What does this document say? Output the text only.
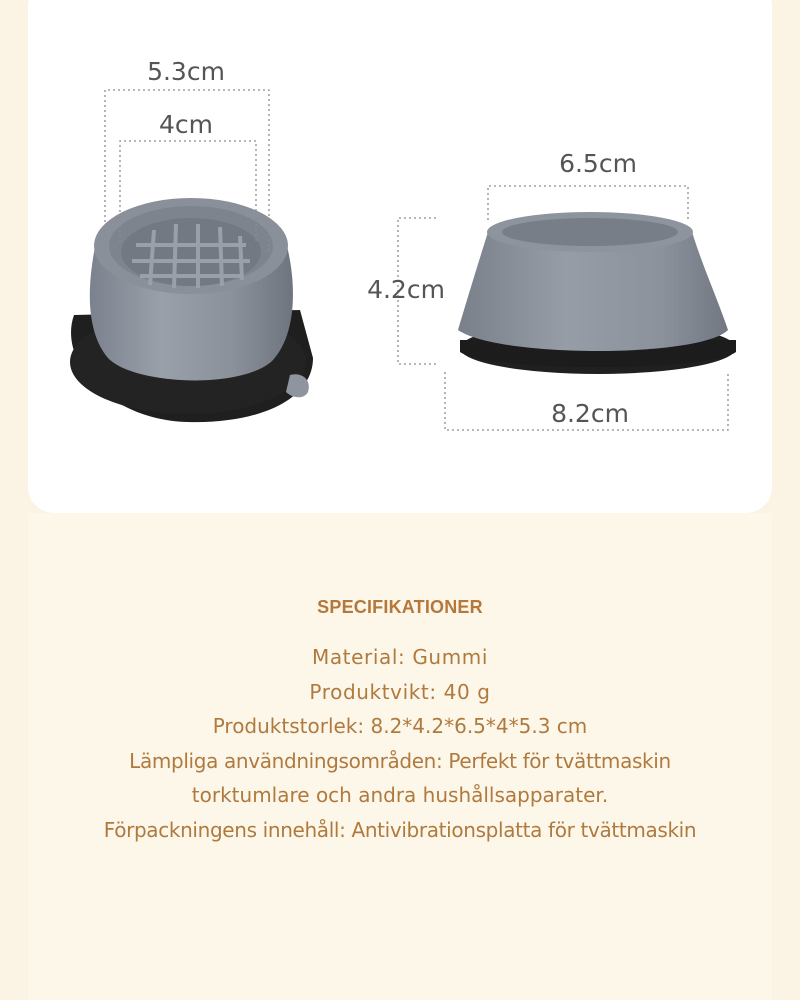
5.3cm
4cm
6.5cm
4.2cm
8.2cm
SPECIFIKATIONER
Material: Gummi
Produktvikt: 40 g
Produktstorlek: 8.2*4.2*6.5*4*5.3 cm
Lämpliga användningsområden: Perfekt för tvättmaskin
torktumlare och andra hushållsapparater.
Förpackningens innehåll: Antivibrationsplatta för tvättmaskin
